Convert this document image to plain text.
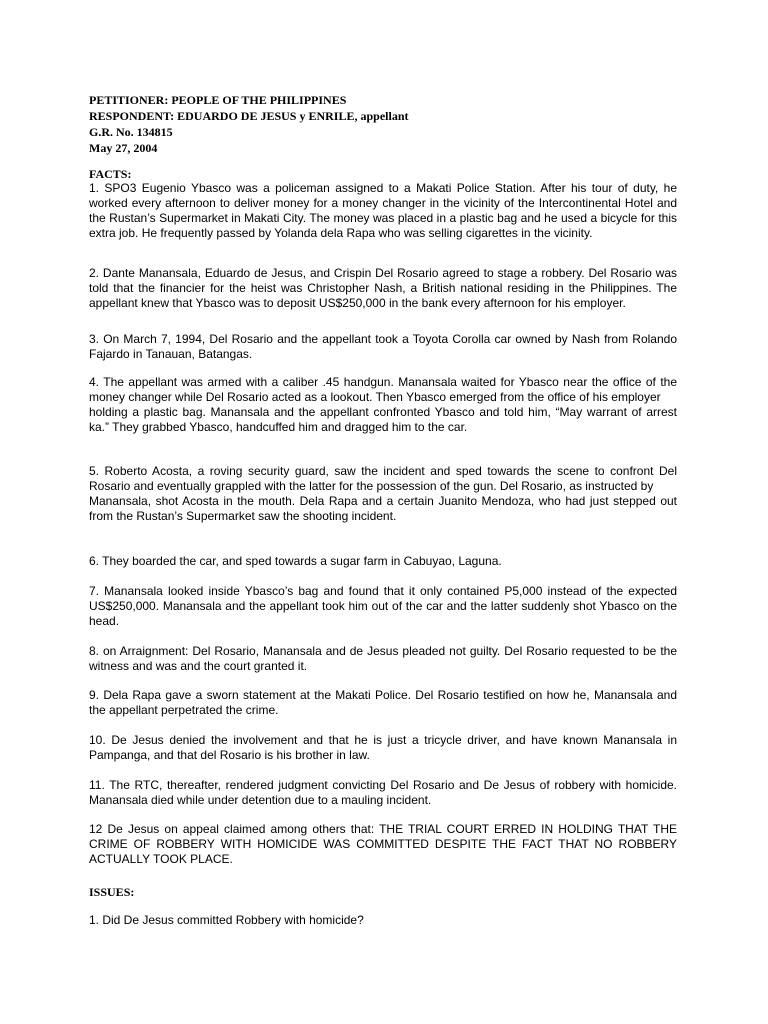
PETITIONER: PEOPLE OF THE PHILIPPINES
RESPONDENT: EDUARDO DE JESUS y ENRILE, appellant
G.R. No. 134815
May 27, 2004
FACTS:
1. SPO3 Eugenio Ybasco was a policeman assigned to a Makati Police Station. After his tour of duty, he worked every afternoon to deliver money for a money changer in the vicinity of the Intercontinental Hotel and the Rustan’s Supermarket in Makati City. The money was placed in a plastic bag and he used a bicycle for this extra job. He frequently passed by Yolanda dela Rapa who was selling cigarettes in the vicinity.
2. Dante Manansala, Eduardo de Jesus, and Crispin Del Rosario agreed to stage a robbery. Del Rosario was told that the financier for the heist was Christopher Nash, a British national residing in the Philippines. The appellant knew that Ybasco was to deposit US$250,000 in the bank every afternoon for his employer.
3. On March 7, 1994, Del Rosario and the appellant took a Toyota Corolla car owned by Nash from Rolando Fajardo in Tanauan, Batangas.

4. The appellant was armed with a caliber .45 handgun. Manansala waited for Ybasco near the office of the money changer while Del Rosario acted as a lookout. Then Ybasco emerged from the office of his employer

holding a plastic bag. Manansala and the appellant confronted Ybasco and told him, “May warrant of arrest ka.” They grabbed Ybasco, handcuffed him and dragged him to the car.

5. Roberto Acosta, a roving security guard, saw the incident and sped towards the scene to confront Del Rosario and eventually grappled with the latter for the possession of the gun. Del Rosario, as instructed by

Manansala, shot Acosta in the mouth. Dela Rapa and a certain Juanito Mendoza, who had just stepped out from the Rustan’s Supermarket saw the shooting incident.

6. They boarded the car, and sped towards a sugar farm in Cabuyao, Laguna.
7. Manansala looked inside Ybasco’s bag and found that it only contained P5,000 instead of the expected US$250,000. Manansala and the appellant took him out of the car and the latter suddenly shot Ybasco on the head.
8. on Arraignment: Del Rosario, Manansala and de Jesus pleaded not guilty. Del Rosario requested to be the witness and was and the court granted it.
9. Dela Rapa gave a sworn statement at the Makati Police. Del Rosario testified on how he, Manansala and the appellant perpetrated the crime.
10. De Jesus denied the involvement and that he is just a tricycle driver, and have known Manansala in Pampanga, and that del Rosario is his brother in law.
11. The RTC, thereafter, rendered judgment convicting Del Rosario and De Jesus of robbery with homicide. Manansala died while under detention due to a mauling incident.
12 De Jesus on appeal claimed among others that: THE TRIAL COURT ERRED IN HOLDING THAT THE CRIME OF ROBBERY WITH HOMICIDE WAS COMMITTED DESPITE THE FACT THAT NO ROBBERY ACTUALLY TOOK PLACE.
ISSUES:
1. Did De Jesus committed Robbery with homicide?
